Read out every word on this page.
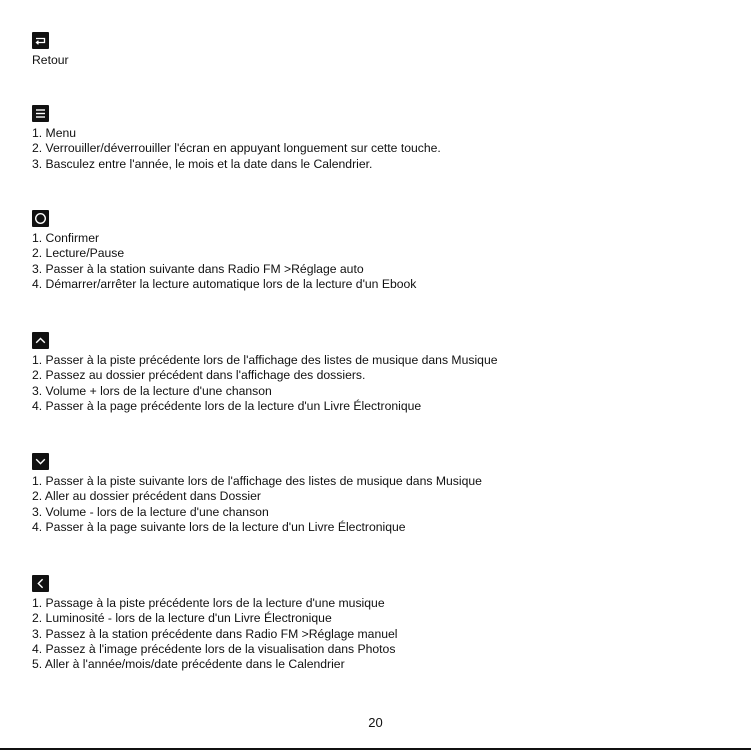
Retour
1. Menu
2. Verrouiller/déverrouiller l'écran en appuyant longuement sur cette touche.
3. Basculez entre l'année, le mois et la date dans le Calendrier.
1. Confirmer
2. Lecture/Pause
3. Passer à la station suivante dans Radio FM >Réglage auto
4. Démarrer/arrêter la lecture automatique lors de la lecture d'un Ebook
1. Passer à la piste précédente lors de l'affichage des listes de musique dans Musique
2. Passez au dossier précédent dans l'affichage des dossiers.
3. Volume + lors de la lecture d'une chanson
4. Passer à la page précédente lors de la lecture d'un Livre Électronique
1. Passer à la piste suivante lors de l'affichage des listes de musique dans Musique
2. Aller au dossier précédent dans Dossier
3. Volume - lors de la lecture d'une chanson
4. Passer à la page suivante lors de la lecture d'un Livre Électronique
1. Passage à la piste précédente lors de la lecture d'une musique
2. Luminosité - lors de la lecture d'un Livre Électronique
3. Passez à la station précédente dans Radio FM >Réglage manuel
4. Passez à l'image précédente lors de la visualisation dans Photos
5. Aller à l'année/mois/date précédente dans le Calendrier
20
